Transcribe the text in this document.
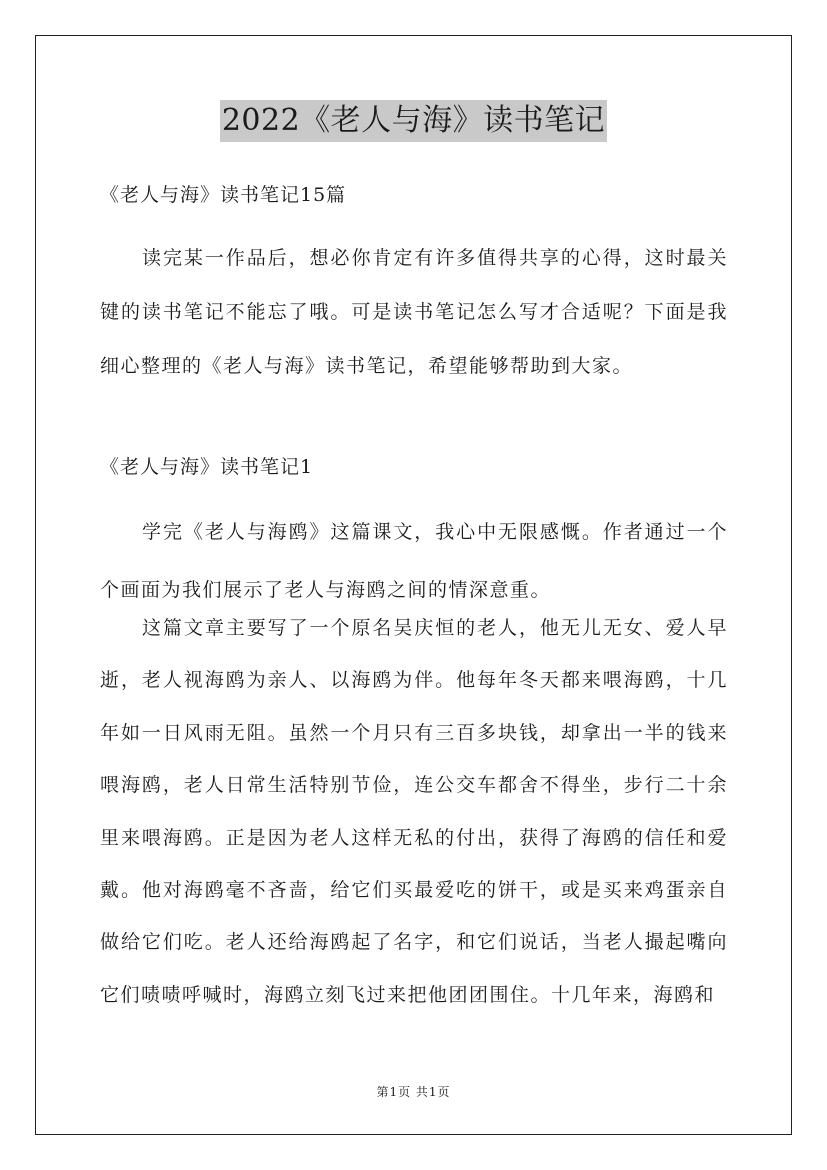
2022《老人与海》读书笔记
《老人与海》读书笔记15篇
读完某一作品后，想必你肯定有许多值得共享的心得，这时最关键的读书笔记不能忘了哦。可是读书笔记怎么写才合适呢？下面是我细心整理的《老人与海》读书笔记，希望能够帮助到大家。
《老人与海》读书笔记1
学完《老人与海鸥》这篇课文，我心中无限感慨。作者通过一个个画面为我们展示了老人与海鸥之间的情深意重。
这篇文章主要写了一个原名吴庆恒的老人，他无儿无女、爱人早逝，老人视海鸥为亲人、以海鸥为伴。他每年冬天都来喂海鸥，十几年如一日风雨无阻。虽然一个月只有三百多块钱，却拿出一半的钱来喂海鸥，老人日常生活特别节俭，连公交车都舍不得坐，步行二十余里来喂海鸥。正是因为老人这样无私的付出，获得了海鸥的信任和爱戴。他对海鸥毫不吝啬，给它们买最爱吃的饼干，或是买来鸡蛋亲自做给它们吃。老人还给海鸥起了名字，和它们说话，当老人撮起嘴向它们啧啧呼喊时，海鸥立刻飞过来把他团团围住。十几年来，海鸥和
第1页 共1页
